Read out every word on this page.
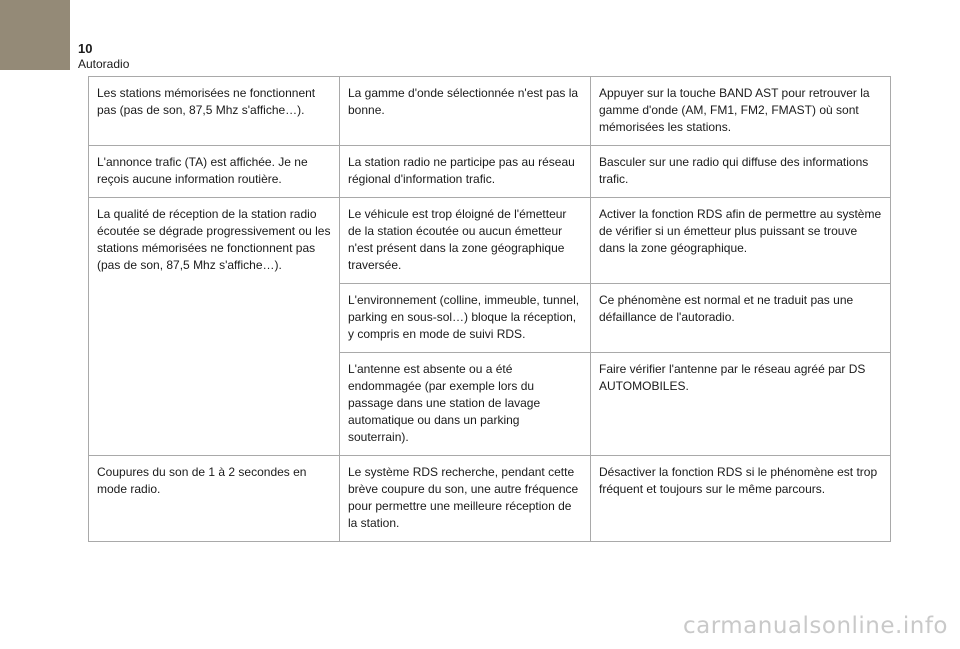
10
Autoradio
Les stations mémorisées ne fonctionnent pas (pas de son, 87,5 Mhz s'affiche…).	La gamme d'onde sélectionnée n'est pas la bonne.	Appuyer sur la touche BAND AST pour retrouver la gamme d'onde (AM, FM1, FM2, FMAST) où sont mémorisées les stations.
L'annonce trafic (TA) est affichée. Je ne reçois aucune information routière.	La station radio ne participe pas au réseau régional d'information trafic.	Basculer sur une radio qui diffuse des informations trafic.
La qualité de réception de la station radio écoutée se dégrade progressivement ou les stations mémorisées ne fonctionnent pas (pas de son, 87,5 Mhz s'affiche…).	Le véhicule est trop éloigné de l'émetteur de la station écoutée ou aucun émetteur n'est présent dans la zone géographique traversée.	Activer la fonction RDS afin de permettre au système de vérifier si un émetteur plus puissant se trouve dans la zone géographique.
	L'environnement (colline, immeuble, tunnel, parking en sous-sol…) bloque la réception, y compris en mode de suivi RDS.	Ce phénomène est normal et ne traduit pas une défaillance de l'autoradio.
	L'antenne est absente ou a été endommagée (par exemple lors du passage dans une station de lavage automatique ou dans un parking souterrain).	Faire vérifier l'antenne par le réseau agréé par DS AUTOMOBILES.
Coupures du son de 1 à 2 secondes en mode radio.	Le système RDS recherche, pendant cette brève coupure du son, une autre fréquence pour permettre une meilleure réception de la station.	Désactiver la fonction RDS si le phénomène est trop fréquent et toujours sur le même parcours.
carmanualsonline.info
